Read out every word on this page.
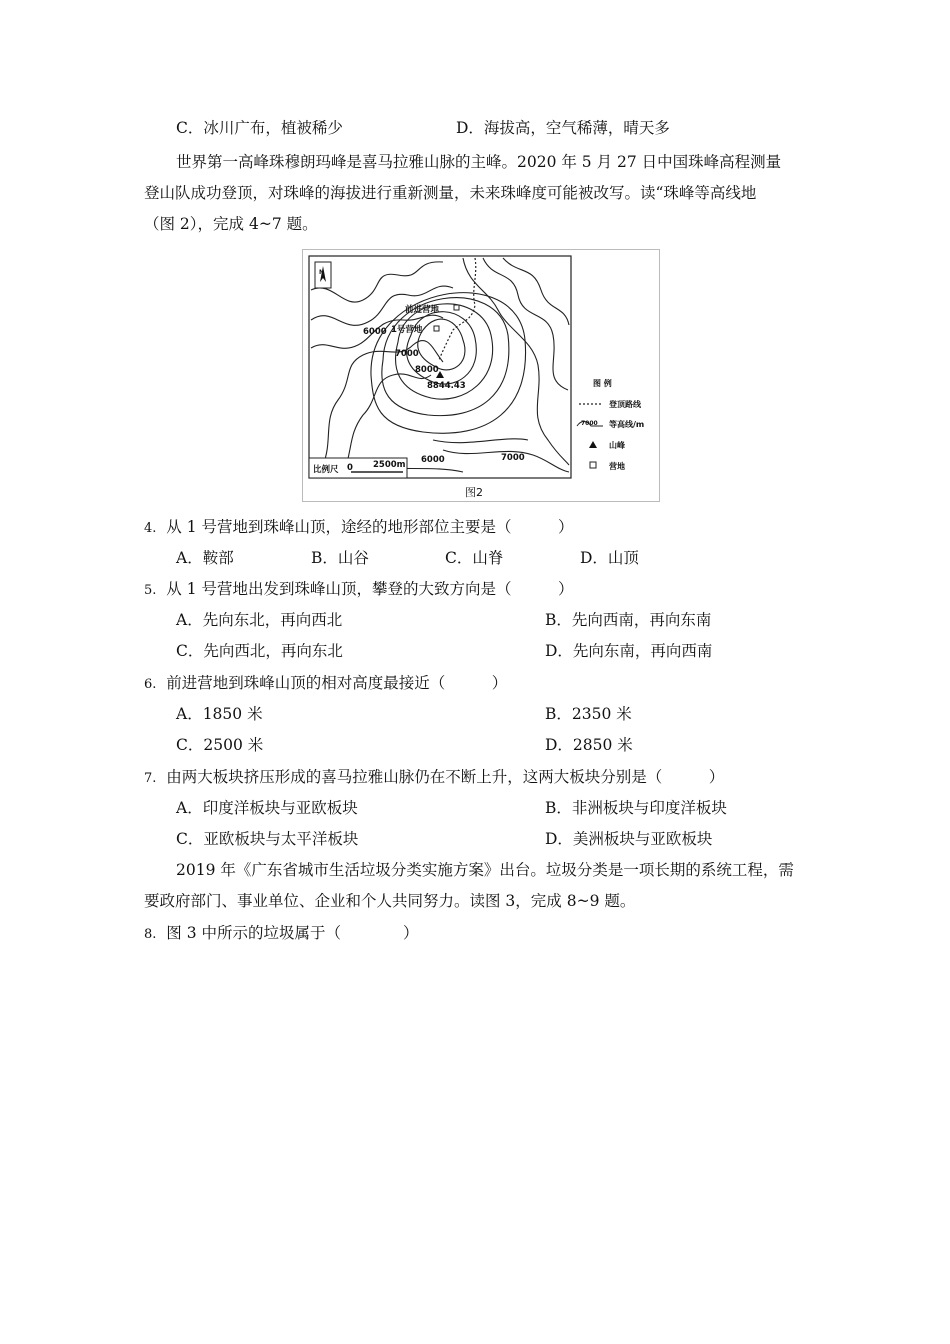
C．冰川广布，植被稀少	D．海拔高，空气稀薄，晴天多
世界第一高峰珠穆朗玛峰是喜马拉雅山脉的主峰。2020 年 5 月 27 日中国珠峰高程测量
登山队成功登顶，对珠峰的海拔进行重新测量，未来珠峰度可能被改写。读“珠峰等高线地
（图 2），完成 4~7 题。
N
前进营地
1号营地
6000
7000
8000
8844.43
6000	7000
比例尺 0 2500m
图 例
登顶路线
7000 等高线/m
山峰
营地
图2
4. 从 1 号营地到珠峰山顶，途经的地形部位主要是（　　　）
A．鞍部	B．山谷	C．山脊	D．山顶
5. 从 1 号营地出发到珠峰山顶，攀登的大致方向是（　　　）
A．先向东北，再向西北	B．先向西南，再向东南
C．先向西北，再向东北	D．先向东南，再向西南
6. 前进营地到珠峰山顶的相对高度最接近（　　　）
A．1850 米	B．2350 米
C．2500 米	D．2850 米
7. 由两大板块挤压形成的喜马拉雅山脉仍在不断上升，这两大板块分别是（　　　）
A．印度洋板块与亚欧板块	B．非洲板块与印度洋板块
C．亚欧板块与太平洋板块	D．美洲板块与亚欧板块
2019 年《广东省城市生活垃圾分类实施方案》出台。垃圾分类是一项长期的系统工程，需
要政府部门、事业单位、企业和个人共同努力。读图 3，完成 8~9 题。
8. 图 3 中所示的垃圾属于（　　　　）
